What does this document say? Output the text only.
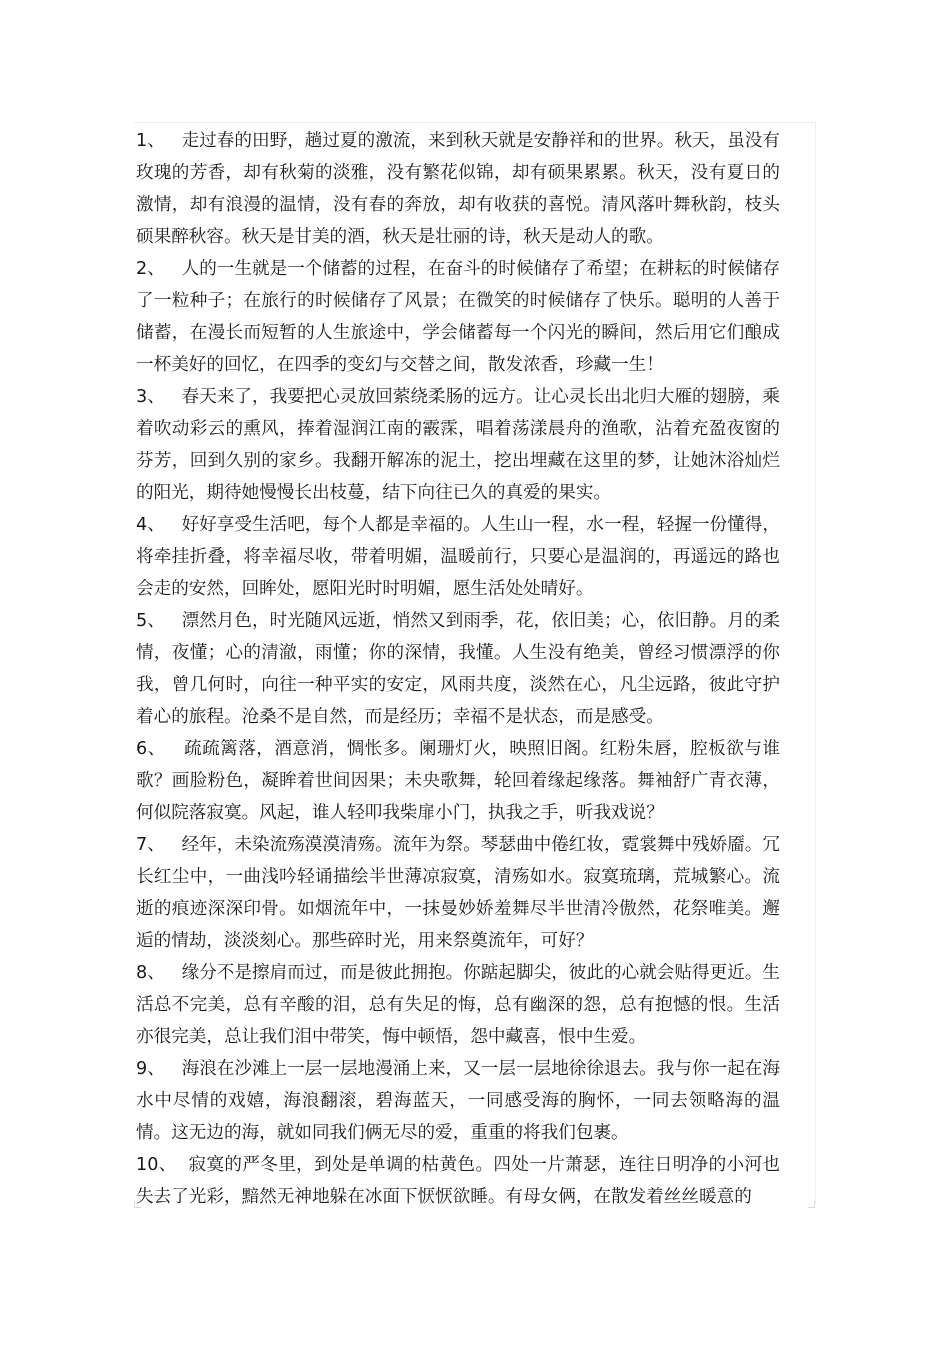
1、 走过春的田野，趟过夏的激流，来到秋天就是安静祥和的世界。秋天，虽没有玫瑰的芳香，却有秋菊的淡雅，没有繁花似锦，却有硕果累累。秋天，没有夏日的激情，却有浪漫的温情，没有春的奔放，却有收获的喜悦。清风落叶舞秋韵，枝头硕果醉秋容。秋天是甘美的酒，秋天是壮丽的诗，秋天是动人的歌。

2、 人的一生就是一个储蓄的过程，在奋斗的时候储存了希望；在耕耘的时候储存了一粒种子；在旅行的时候储存了风景；在微笑的时候储存了快乐。聪明的人善于储蓄，在漫长而短暂的人生旅途中，学会储蓄每一个闪光的瞬间，然后用它们酿成一杯美好的回忆，在四季的变幻与交替之间，散发浓香，珍藏一生！

3、 春天来了，我要把心灵放回萦绕柔肠的远方。让心灵长出北归大雁的翅膀，乘着吹动彩云的熏风，捧着湿润江南的霰霂，唱着荡漾晨舟的渔歌，沾着充盈夜窗的芬芳，回到久别的家乡。我翻开解冻的泥土，挖出埋藏在这里的梦，让她沐浴灿烂的阳光，期待她慢慢长出枝蔓，结下向往已久的真爱的果实。

4、 好好享受生活吧，每个人都是幸福的。人生山一程，水一程，轻握一份懂得，将牵挂折叠，将幸福尽收，带着明媚，温暖前行，只要心是温润的，再遥远的路也会走的安然，回眸处，愿阳光时时明媚，愿生活处处晴好。

5、 漂然月色，时光随风远逝，悄然又到雨季，花，依旧美；心，依旧静。月的柔情，夜懂；心的清澈，雨懂；你的深情，我懂。人生没有绝美，曾经习惯漂浮的你我，曾几何时，向往一种平实的安定，风雨共度，淡然在心，凡尘远路，彼此守护着心的旅程。沧桑不是自然，而是经历；幸福不是状态，而是感受。

6、 疏疏篱落，酒意消，惆怅多。阑珊灯火，映照旧阁。红粉朱唇，腔板欲与谁歌？画脸粉色，凝眸着世间因果；未央歌舞，轮回着缘起缘落。舞袖舒广青衣薄，何似院落寂寞。风起，谁人轻叩我柴扉小门，执我之手，听我戏说？

7、 经年，未染流殇漠漠清殇。流年为祭。琴瑟曲中倦红妆，霓裳舞中残娇靥。冗长红尘中，一曲浅吟轻诵描绘半世薄凉寂寞，清殇如水。寂寞琉璃，荒城繁心。流逝的痕迹深深印骨。如烟流年中，一抹曼妙娇羞舞尽半世清冷傲然，花祭唯美。邂逅的情劫，淡淡刻心。那些碎时光，用来祭奠流年，可好？

8、 缘分不是擦肩而过，而是彼此拥抱。你踮起脚尖，彼此的心就会贴得更近。生活总不完美，总有辛酸的泪，总有失足的悔，总有幽深的怨，总有抱憾的恨。生活亦很完美，总让我们泪中带笑，悔中顿悟，怨中藏喜，恨中生爱。

9、 海浪在沙滩上一层一层地漫涌上来，又一层一层地徐徐退去。我与你一起在海水中尽情的戏嬉，海浪翻滚，碧海蓝天，一同感受海的胸怀，一同去领略海的温情。这无边的海，就如同我们俩无尽的爱，重重的将我们包裹。

10、 寂寞的严冬里，到处是单调的枯黄色。四处一片萧瑟，连往日明净的小河也失去了光彩，黯然无神地躲在冰面下恹恹欲睡。有母女俩，在散发着丝丝暖意的
